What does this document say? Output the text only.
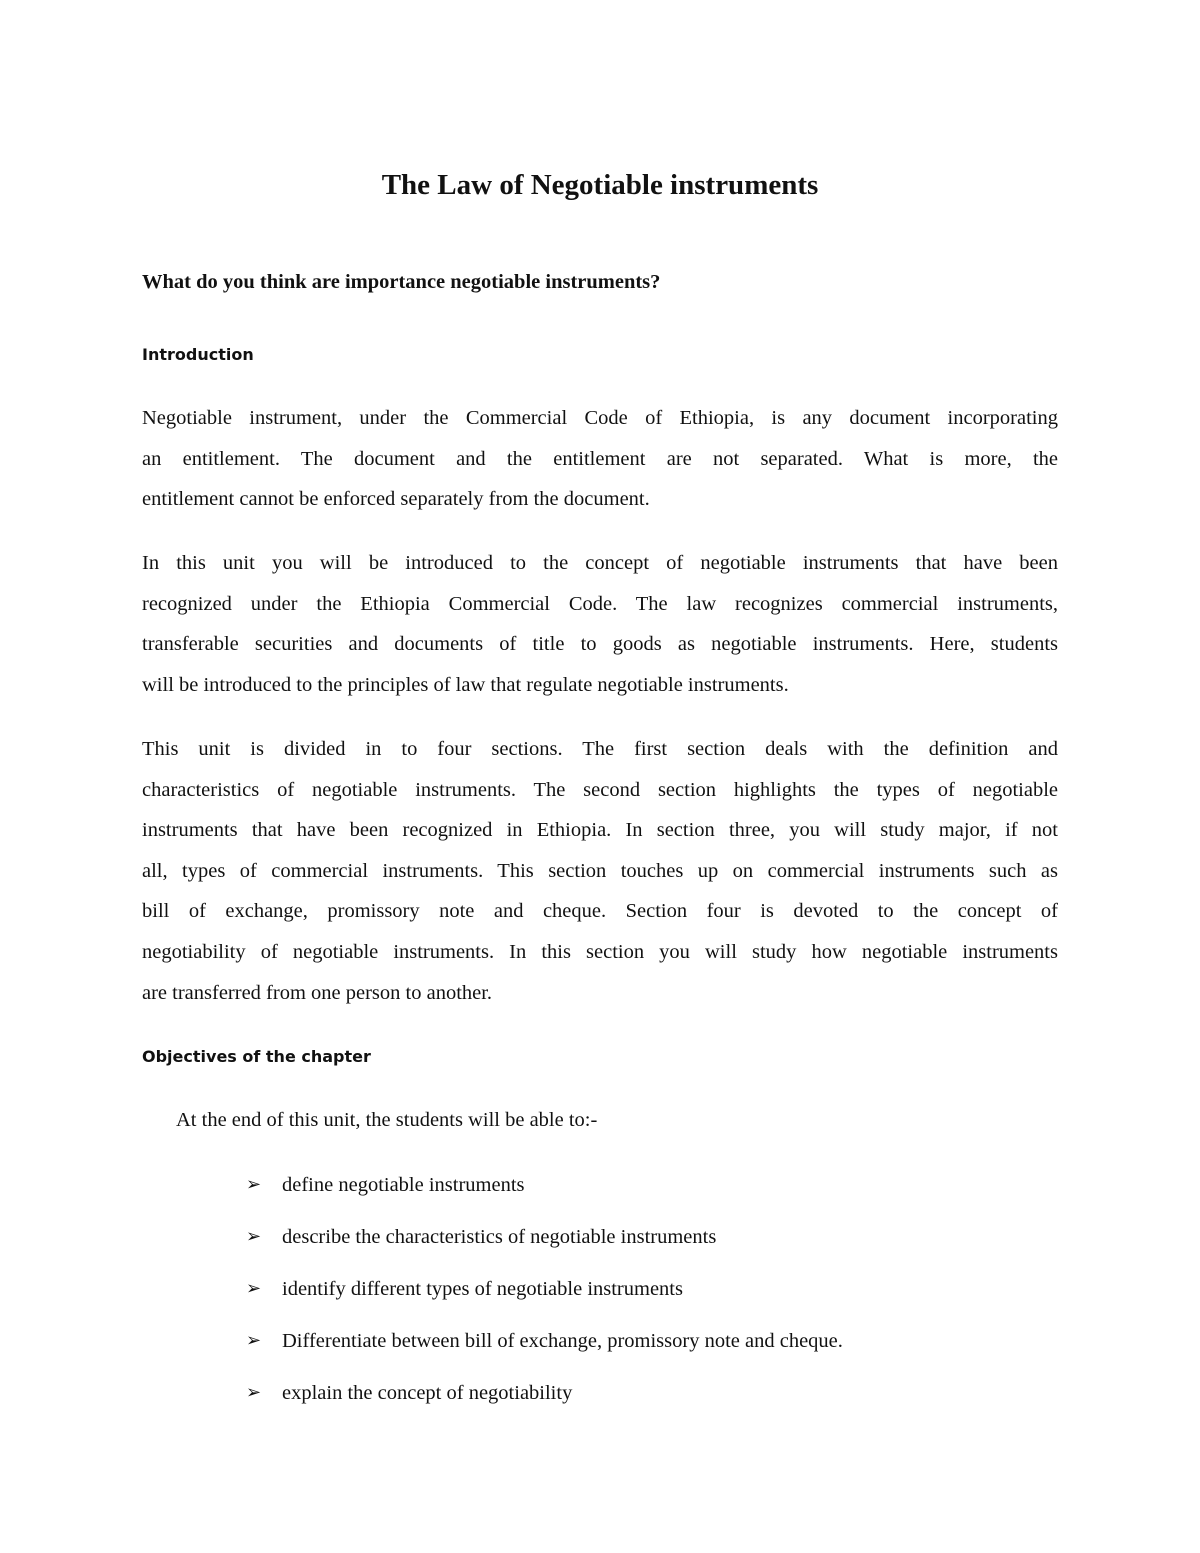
The Law of Negotiable instruments
What do you think are importance negotiable instruments?
Introduction
Negotiable instrument, under the Commercial Code of Ethiopia, is any document incorporating
an entitlement. The document and the entitlement are not separated. What is more, the
entitlement cannot be enforced separately from the document.
In this unit you will be introduced to the concept of negotiable instruments that have been
recognized under the Ethiopia Commercial Code. The law recognizes commercial instruments,
transferable securities and documents of title to goods as negotiable instruments. Here, students
will be introduced to the principles of law that regulate negotiable instruments.
This unit is divided in to four sections. The first section deals with the definition and
characteristics of negotiable instruments. The second section highlights the types of negotiable
instruments that have been recognized in Ethiopia. In section three, you will study major, if not
all, types of commercial instruments. This section touches up on commercial instruments such as
bill of exchange, promissory note and cheque. Section four is devoted to the concept of
negotiability of negotiable instruments. In this section you will study how negotiable instruments
are transferred from one person to another.
Objectives of the chapter
At the end of this unit, the students will be able to:-
➢	define negotiable instruments
➢	describe the characteristics of negotiable instruments
➢	identify different types of negotiable instruments
➢	Differentiate between bill of exchange, promissory note and cheque.
➢	explain the concept of negotiability
